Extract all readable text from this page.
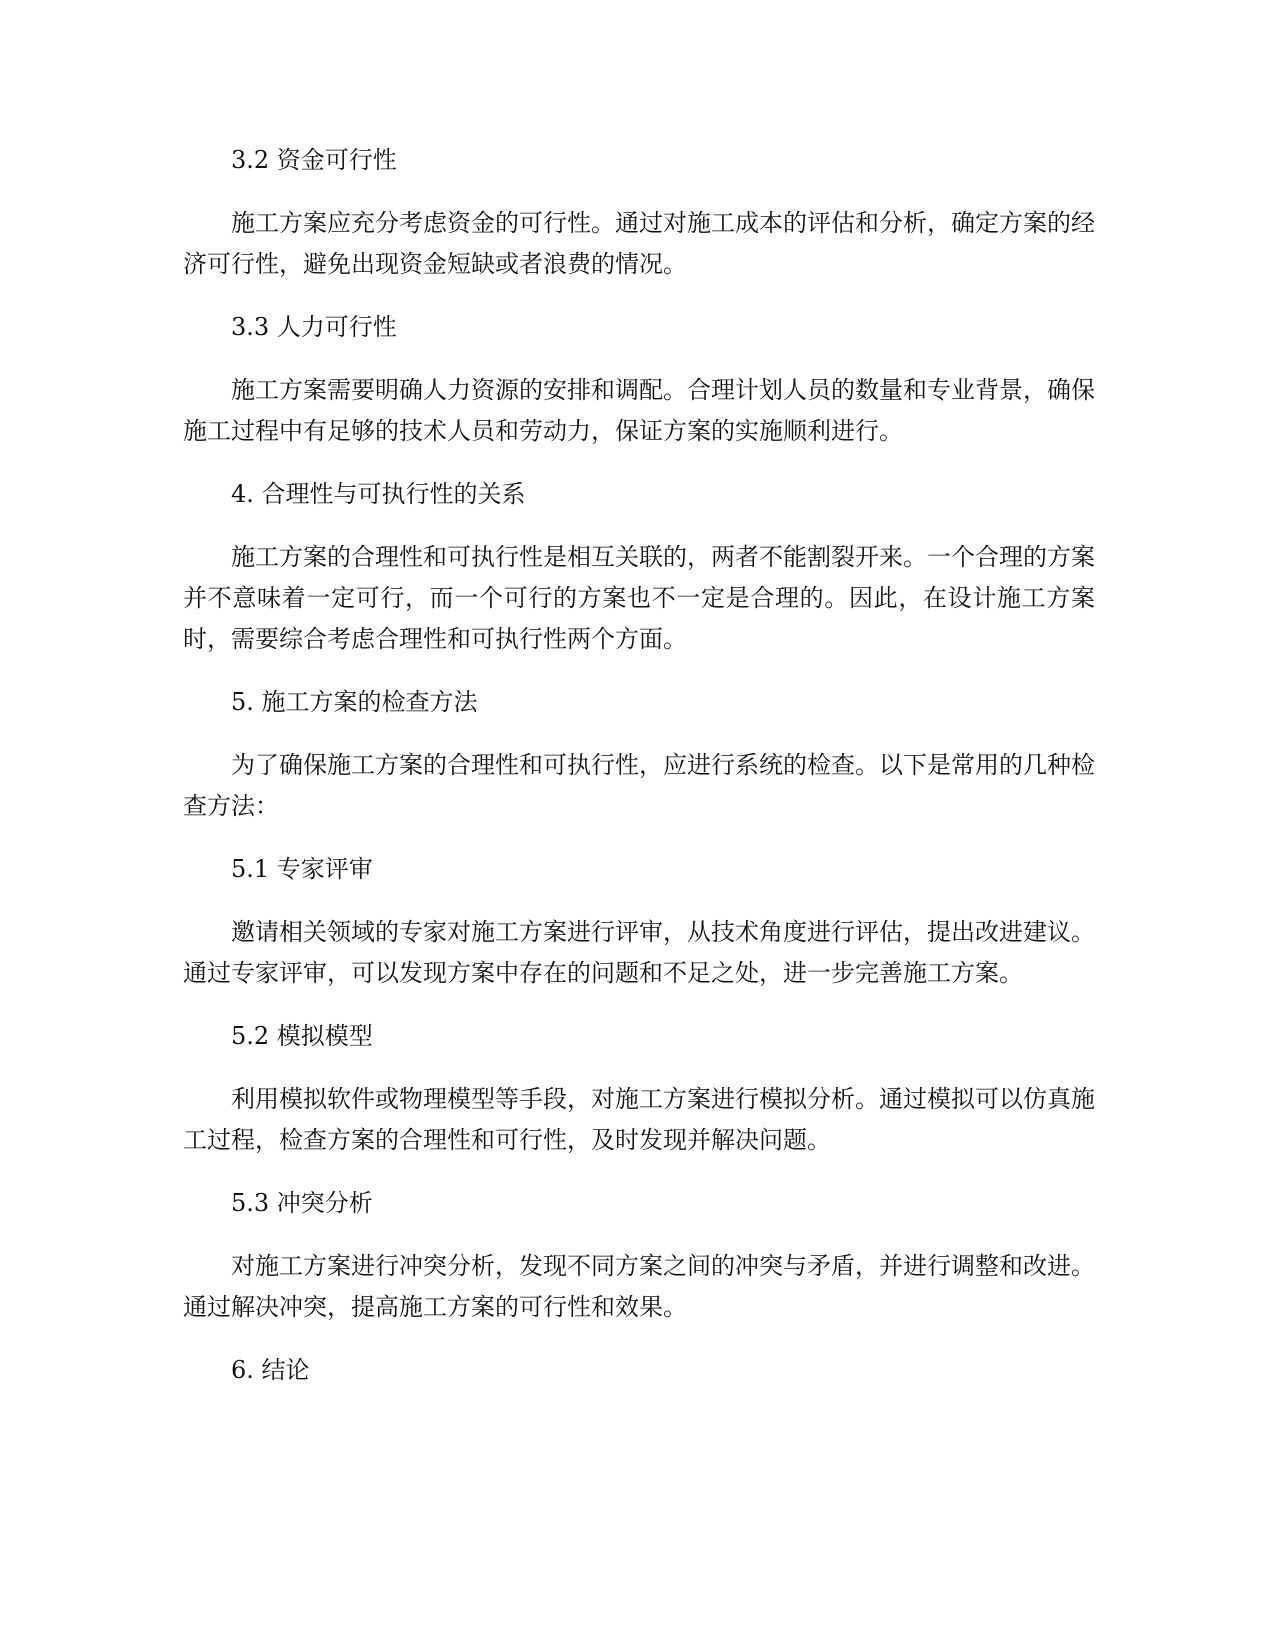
3.2 资金可行性

施工方案应充分考虑资金的可行性。通过对施工成本的评估和分析，确定方案的经济可行性，避免出现资金短缺或者浪费的情况。

3.3 人力可行性

施工方案需要明确人力资源的安排和调配。合理计划人员的数量和专业背景，确保施工过程中有足够的技术人员和劳动力，保证方案的实施顺利进行。

4. 合理性与可执行性的关系

施工方案的合理性和可执行性是相互关联的，两者不能割裂开来。一个合理的方案并不意味着一定可行，而一个可行的方案也不一定是合理的。因此，在设计施工方案时，需要综合考虑合理性和可执行性两个方面。

5. 施工方案的检查方法

为了确保施工方案的合理性和可执行性，应进行系统的检查。以下是常用的几种检查方法：

5.1 专家评审

邀请相关领域的专家对施工方案进行评审，从技术角度进行评估，提出改进建议。通过专家评审，可以发现方案中存在的问题和不足之处，进一步完善施工方案。

5.2 模拟模型

利用模拟软件或物理模型等手段，对施工方案进行模拟分析。通过模拟可以仿真施工过程，检查方案的合理性和可行性，及时发现并解决问题。

5.3 冲突分析

对施工方案进行冲突分析，发现不同方案之间的冲突与矛盾，并进行调整和改进。通过解决冲突，提高施工方案的可行性和效果。

6. 结论
